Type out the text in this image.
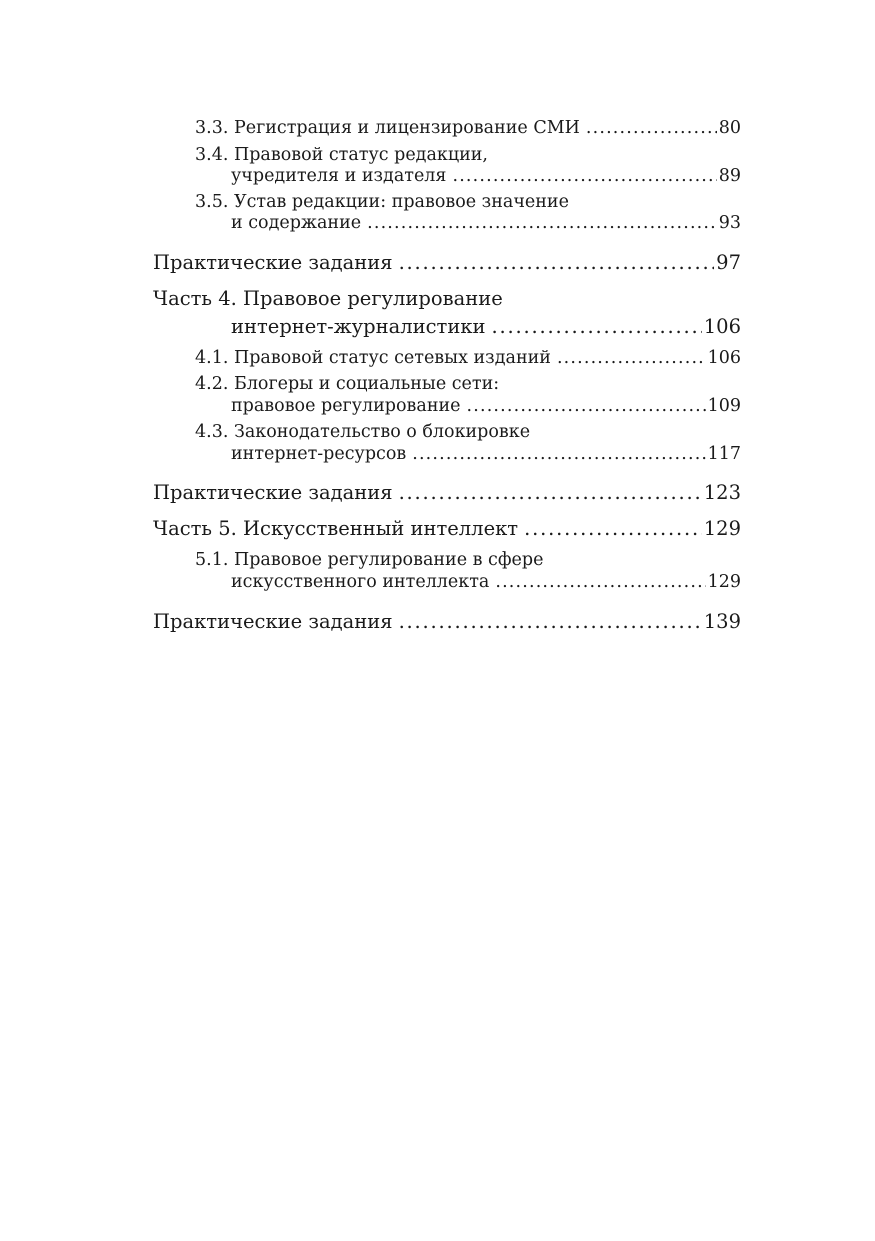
3.3. Регистрация и лицензирование СМИ . . .	80
3.4. Правовой статус редакции,
учредителя и издателя . . .	89
3.5. Устав редакции: правовое значение
и содержание . . .	93
Практические задания . . .	97
Часть 4. Правовое регулирование
интернет-журналистики . . .	106
4.1. Правовой статус сетевых изданий . . .	106
4.2. Блогеры и социальные сети:
правовое регулирование . . .	109
4.3. Законодательство о блокировке
интернет-ресурсов . . .	117
Практические задания . . .	123
Часть 5. Искусственный интеллект . . .	129
5.1. Правовое регулирование в сфере
искусственного интеллекта . . .	129
Практические задания . . .	139
